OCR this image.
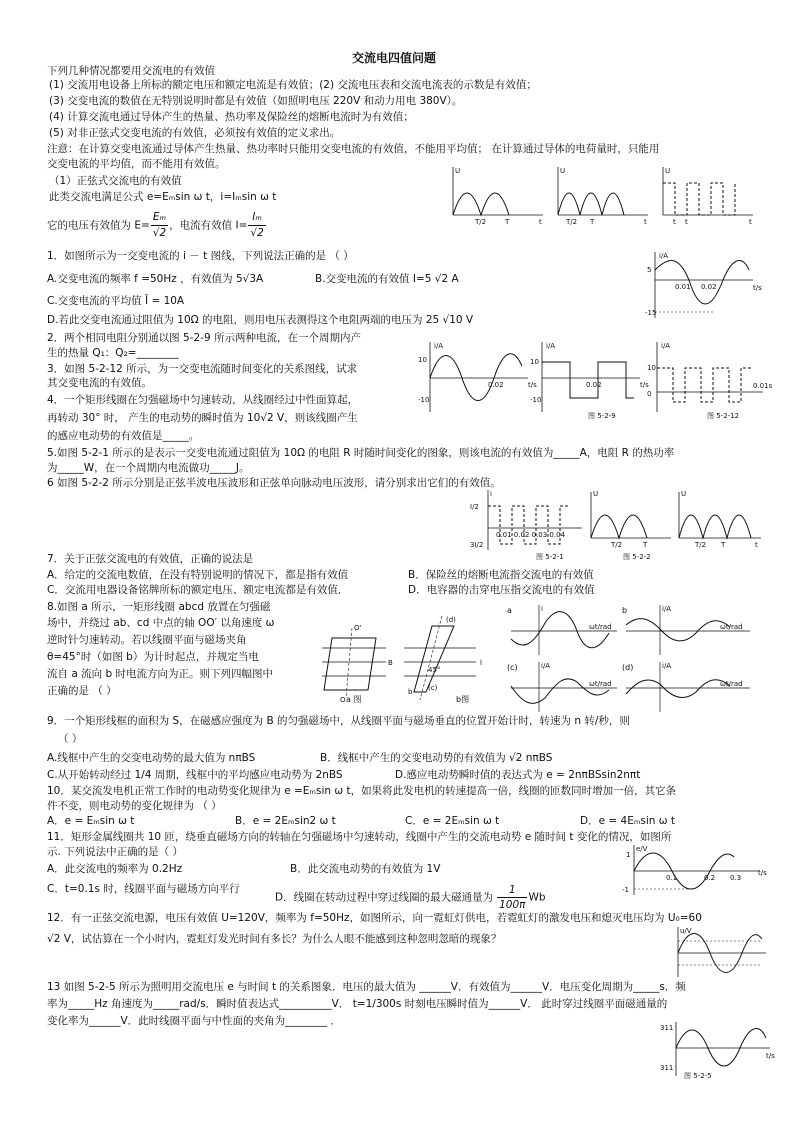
交流电四值问题
下列几种情况都要用交流电的有效值
(1) 交流用电设备上所标的额定电压和额定电流是有效值；(2) 交流电压表和交流电流表的示数是有效值；
(3) 交变电流的数值在无特别说明时都是有效值（如照明电压 220V 和动力用电 380V）。
(4) 计算交流电通过导体产生的热量、热功率及保险丝的熔断电流时为有效值；
(5) 对非正弦式交变电流的有效值，必须按有效值的定义求出。
注意：在计算交变电流通过导体产生热量、热功率时只能用交变电流的有效值，不能用平均值； 在计算通过导体的电荷量时，只能用
交变电流的平均值，而不能用有效值。
（1）正弦式交流电的有效值
此类交流电满足公式 e=Eₘsin ω t，i=Iₘsin ω t
它的电压有效值为 $E= \frac{\text{Eₘ}}{√2}$ ，电流有效值 $I= \frac{\text{Iₘ}}{√2}$
U
T/2	T	t
U
T/2 T	t
U
t t	t
1．如图所示为一交变电流的 i － t 图线，下列说法正确的是 （ ）
A.交变电流的频率 f =50Hz ，有效值为 5√3A	B.交变电流的有效值 I=5 √2 A
C.交变电流的平均值 Ī = 10A
D.若此交变电流通过阻值为 10Ω 的电阻，则用电压表测得这个电阻两端的电压为 25 √10 V
i/A
5
-15
0.01 0.02	t/s
2．两个相同电阻分别通以图 5-2-9 所示两种电流，在一个周期内产
生的热量 Q₁：Q₂=________
3．如图 5-2-12 所示，为一交变电流随时间变化的关系图线，试求
其交变电流的有效值。
i/A
10
-10
0.02	t/s
i/A
10
-10
0.02	t/s
图 5-2-9
i/A
10
0
0.01s
图 5-2-12
4．一个矩形线圈在匀强磁场中匀速转动，从线圈经过中性面算起，
再转动 30° 时， 产生的电动势的瞬时值为 10√2 V，则该线圈产生
的感应电动势的有效值是_____。
5.如图 5-2-1 所示的是表示一交变电流通过阻值为 10Ω 的电阻 R 时随时间变化的图象，则该电流的有效值为_____A，电阻 R 的热功率
为_____W，在一个周期内电流做功_____J。
6 如图 5-2-2 所示分别是正弦半波电压波形和正弦单向脉动电压波形，请分别求出它们的有效值。
i
I/2
3I/2
0.01 0.02 0.03 0.04
图 5-2-1
U
T/2	T
U
T/2 T	t
图 5-2-2
7．关于正弦交流电的有效值，正确的说法是
A．给定的交流电数值，在没有特别说明的情况下，都是指有效值	B．保险丝的熔断电流指交流电的有效值
C．交流用电器设备铭牌所标的额定电压、额定电流都是有效值．	D．电容器的击穿电压指交流电的有效值
8.如图 a 所示，一矩形线圈 abcd 放置在匀强磁
场中，并绕过 ab、cd 中点的轴 OO′ 以角速度 ω
逆时针匀速转动。若以线圈平面与磁场夹角
θ=45°时（如图 b）为计时起点，并规定当电
流自 a 流向 b 时电流方向为正。则下列四幅图中
正确的是 （ ）
O'
O
B
a 图
(d)
(c)
45°
l
b
b图
i
a
ωt/rad
i/A
b
ωt/rad
i/A
(c)
ωt/rad
i/A
(d)
ωt/rad
9．一个矩形线框的面积为 S，在磁感应强度为 B 的匀强磁场中，从线圈平面与磁场垂直的位置开始计时，转速为 n 转/秒，则
（ ）
A.线框中产生的交变电动势的最大值为 nπBS	B．线框中产生的交变电动势的有效值为 √2 nπBS
C.从开始转动经过 1/4 周期，线框中的平均感应电动势为 2nBS	D.感应电动势瞬时值的表达式为 e = 2nπBSsin2nπt
10．某交流发电机正常工作时的电动势变化规律为 e =Eₘsin ω t，如果将此发电机的转速提高一倍，线圈的匝数同时增加一倍，其它条
件不变，则电动势的变化规律为 （ ）
A．e = Eₘsin ω t	B．e = 2Eₘsin2 ω t	C．e = 2Eₘsin ω t	D．e = 4Eₘsin ω t
11．矩形金属线圈共 10 匝，绕垂直磁场方向的转轴在匀强磁场中匀速转动，线圈中产生的交流电动势 e 随时间 t 变化的情况，如图所
示. 下列说法中正确的是（ ）
A．此交流电的频率为 0.2Hz	B．此交流电动势的有效值为 1V
C．t=0.1s 时，线圈平面与磁场方向平行
D．线圈在转动过程中穿过线圈的最大磁通量为 $\frac{1}{100\pi}$ Wb
e/V
1
-1
0.1	0.2 0.3
t/s
12．有一正弦交流电源，电压有效值 U=120V，频率为 f=50Hz，如图所示，向一霓虹灯供电，若霓虹灯的激发电压和熄灭电压均为 U₀=60
√2 V，试估算在一个小时内，霓虹灯发光时间有多长？为什么人眼不能感到这种忽明忽暗的现象？
u/V
13 如图 5-2-5 所示为照明用交流电压 e 与时间 t 的关系图象．电压的最大值为 ______V．有效值为______V．电压变化周期为_____s．频
率为_____Hz 角速度为_____rad/s．瞬时值表达式__________V． t=1/300s 时刻电压瞬时值为______V． 此时穿过线圈平面磁通量的
变化率为______V．此时线圈平面与中性面的夹角为________ ．
311
311
t/s
图 5-2-5
